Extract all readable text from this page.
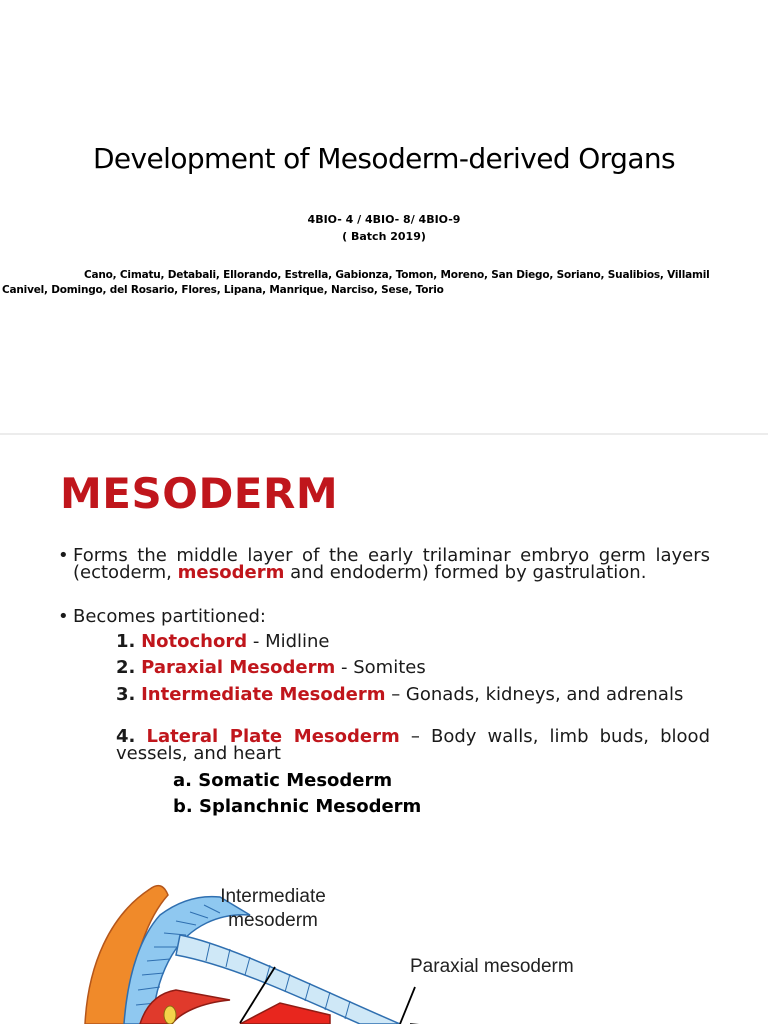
Development of Mesoderm-derived Organs
4BIO- 4 / 4BIO- 8/ 4BIO-9
( Batch 2019)
Cano, Cimatu, Detabali, Ellorando, Estrella, Gabionza, Tomon, Moreno, San Diego, Soriano, Sualibios, Villamil
Canivel, Domingo, del Rosario, Flores, Lipana, Manrique, Narciso, Sese, Torio
MESODERM
• Forms the middle layer of the early trilaminar embryo germ layers (ectoderm, mesoderm and endoderm) formed by gastrulation.
• Becomes partitioned:
1. Notochord - Midline
2. Paraxial Mesoderm - Somites
3. Intermediate Mesoderm – Gonads, kidneys, and adrenals
4. Lateral Plate Mesoderm – Body walls, limb buds, blood vessels, and heart
a. Somatic Mesoderm
b. Splanchnic Mesoderm
Intermediate
mesoderm
Paraxial mesoderm
